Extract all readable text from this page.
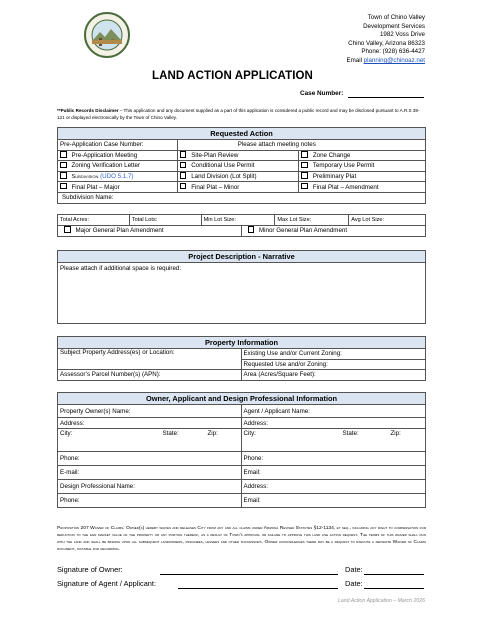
Town of Chino Valley
Development Services
1982 Voss Drive
Chino Valley, Arizona 86323
Phone: (928) 636-4427
Email planning@chinoaz.net
LAND ACTION APPLICATION
Case Number:
**Public Records Disclaimer – This application and any document supplied as a part of this application is considered a public record and may be disclosed pursuant to A.R.S 39-121 or displayed electronically by the Town of Chino Valley.
Requested Action		
Pre-Application Case Number:	Please attach meeting notes	
Pre-Application Meeting	Site-Plan Review	Zone Change
Zoning Verification Letter	Conditional Use Permit	Temporary Use Permit
Subdivision (UDO 5.1.7)	Land Division (Lot Split)	Preliminary Plat
Final Plat – Major	Final Plat – Minor	Final Plat – Amendment
Subdivision Name:		
Total Acres:	Total Lots:	Min Lot Size:	Max Lot Size:	Avg Lot Size:
Major General Plan Amendment	Minor General Plan Amendment
Project Description - Narrative
Please attach if additional space is required:
Property Information	
Subject Property Address(es) or Location:	Existing Use and/or Current Zoning:
	Requested Use and/or Zoning:
Assessor’s Parcel Number(s) (APN):	Area (Acres/Square Feet):
Owner, Applicant and Design Professional Information	
Property Owner(s) Name:	Agent / Applicant Name:
Address:	Address:
City: State: Zip:	City: State: Zip:

Phone:	Phone:
E-mail:	Email:
Design Professional Name:	Address:
Phone:	Email:
Proposition 207 Waiver of Claims: Owner(s) hereby waives and releases City from any and all claims under Arizona Revised Statutes §12-1134, et seq., including any right to compensation for reduction to the fair market value of the property or any portion thereof, as a result of Town’s approval or failure to approve this land use action request. The terms of this waiver shall run with the land and shall be binding upon all subsequent landowners, assignees, lessees and other successors. Owner acknowledges there may be a request to execute a separate Waiver of Claims document, suitable for recording.
Signature of Owner:	Date:
Signature of Agent / Applicant:	Date:
Land Action Application – March 2026
